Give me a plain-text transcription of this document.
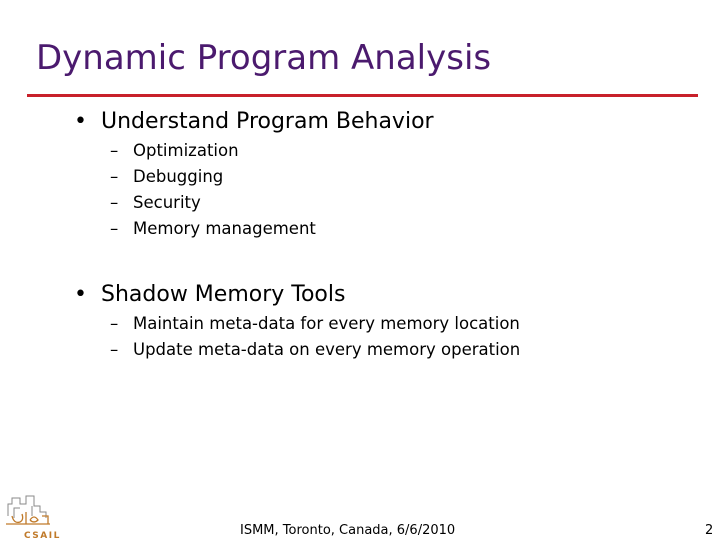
Dynamic Program Analysis
• Understand Program Behavior
– Optimization
– Debugging
– Security
– Memory management
• Shadow Memory Tools
– Maintain meta-data for every memory location
– Update meta-data on every memory operation
CSAIL	ISMM, Toronto, Canada, 6/6/2010	2
